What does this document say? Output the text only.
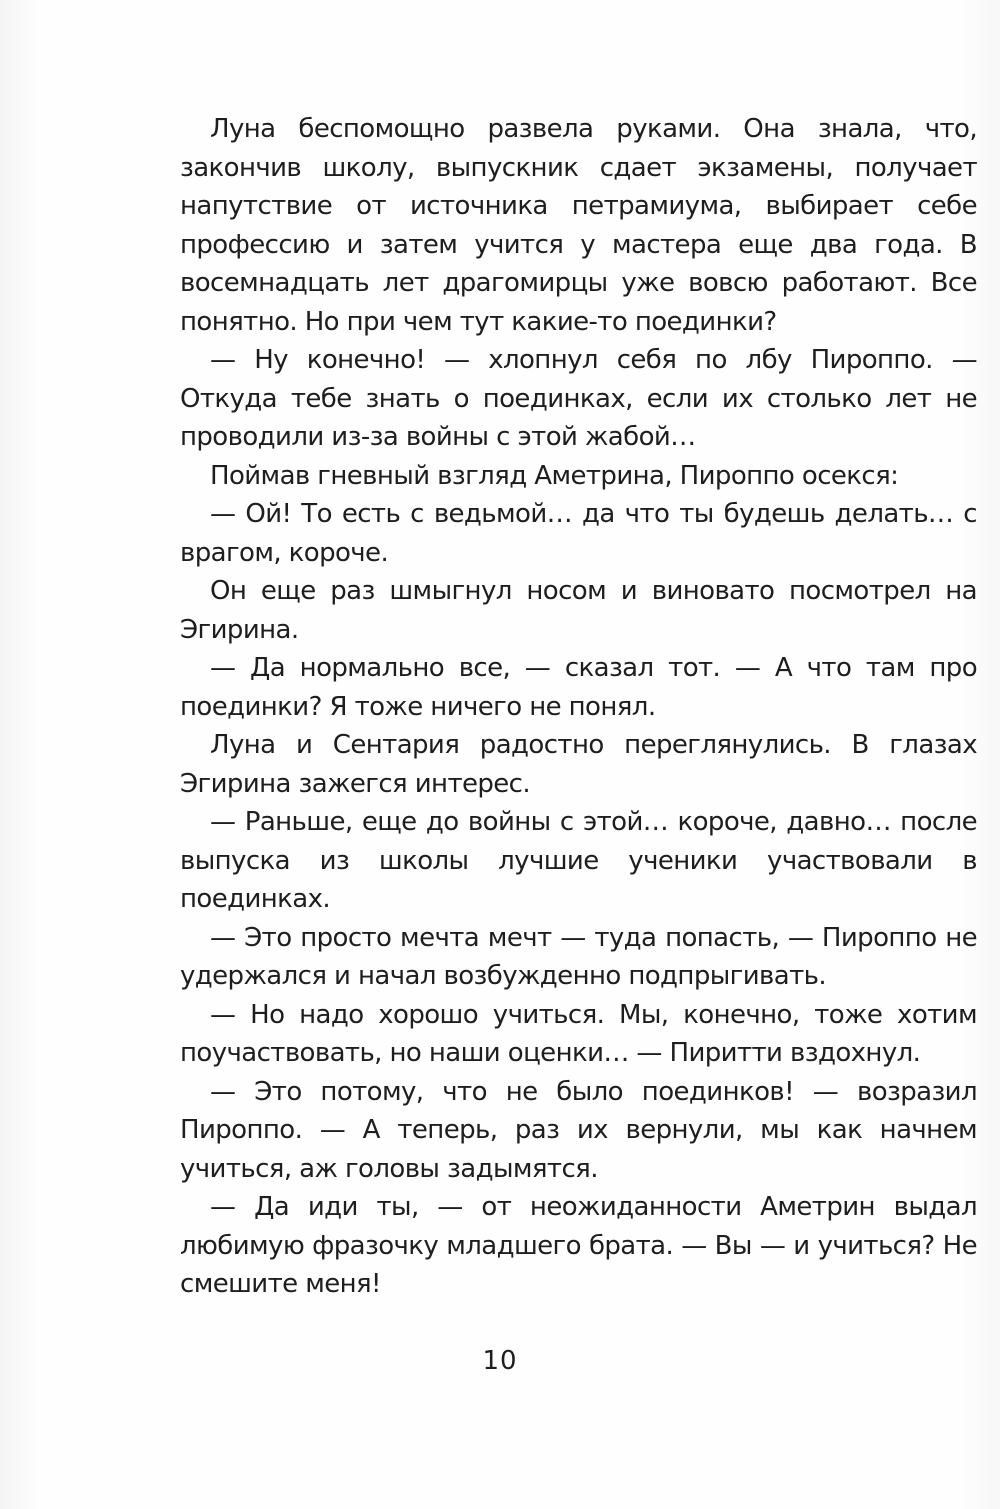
Луна беспомощно развела руками. Она знала, что, закончив школу, выпускник сдает экзамены, получает напутствие от источника петрамиума, выбирает себе профессию и затем учится у мастера еще два года. В восемнадцать лет драгомирцы уже вовсю работают. Все понятно. Но при чем тут какие-то поединки?

— Ну конечно! — хлопнул себя по лбу Пироппо. — Откуда тебе знать о поединках, если их столько лет не проводили из-за войны с этой жабой…

Поймав гневный взгляд Аметрина, Пироппо осекся:

— Ой! То есть с ведьмой… да что ты будешь делать… с врагом, короче.

Он еще раз шмыгнул носом и виновато посмотрел на Эгирина.

— Да нормально все, — сказал тот. — А что там про поединки? Я тоже ничего не понял.

Луна и Сентария радостно переглянулись. В глазах Эгирина зажегся интерес.

— Раньше, еще до войны с этой… короче, давно… после выпуска из школы лучшие ученики участвовали в поединках.

— Это просто мечта мечт — туда попасть, — Пироппо не удержался и начал возбужденно подпрыгивать.

— Но надо хорошо учиться. Мы, конечно, тоже хотим поучаствовать, но наши оценки… — Пиритти вздохнул.

— Это потому, что не было поединков! — возразил Пироппо. — А теперь, раз их вернули, мы как начнем учиться, аж головы задымятся.

— Да иди ты, — от неожиданности Аметрин выдал любимую фразочку младшего брата. — Вы — и учиться? Не смешите меня!

10
